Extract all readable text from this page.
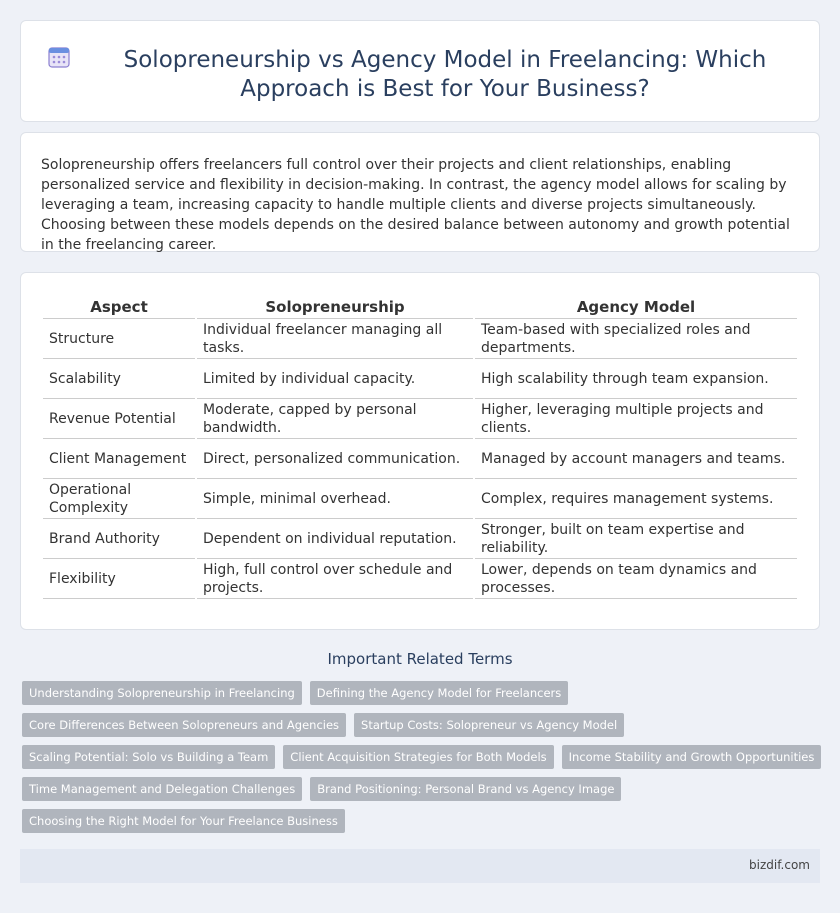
Solopreneurship vs Agency Model in Freelancing: Which Approach is Best for Your Business?

Solopreneurship offers freelancers full control over their projects and client relationships, enabling personalized service and flexibility in decision-making. In contrast, the agency model allows for scaling by leveraging a team, increasing capacity to handle multiple clients and diverse projects simultaneously. Choosing between these models depends on the desired balance between autonomy and growth potential in the freelancing career.

Aspect	Solopreneurship	Agency Model
Structure	Individual freelancer managing all tasks.	Team-based with specialized roles and departments.
Scalability	Limited by individual capacity.	High scalability through team expansion.
Revenue Potential	Moderate, capped by personal bandwidth.	Higher, leveraging multiple projects and clients.
Client Management	Direct, personalized communication.	Managed by account managers and teams.
Operational Complexity	Simple, minimal overhead.	Complex, requires management systems.
Brand Authority	Dependent on individual reputation.	Stronger, built on team expertise and reliability.
Flexibility	High, full control over schedule and projects.	Lower, depends on team dynamics and processes.
Important Related Terms
Understanding Solopreneurship in Freelancing	Defining the Agency Model for Freelancers
Core Differences Between Solopreneurs and Agencies	Startup Costs: Solopreneur vs Agency Model
Scaling Potential: Solo vs Building a Team	Client Acquisition Strategies for Both Models	Income Stability and Growth Opportunities
Time Management and Delegation Challenges	Brand Positioning: Personal Brand vs Agency Image
Choosing the Right Model for Your Freelance Business
bizdif.com
